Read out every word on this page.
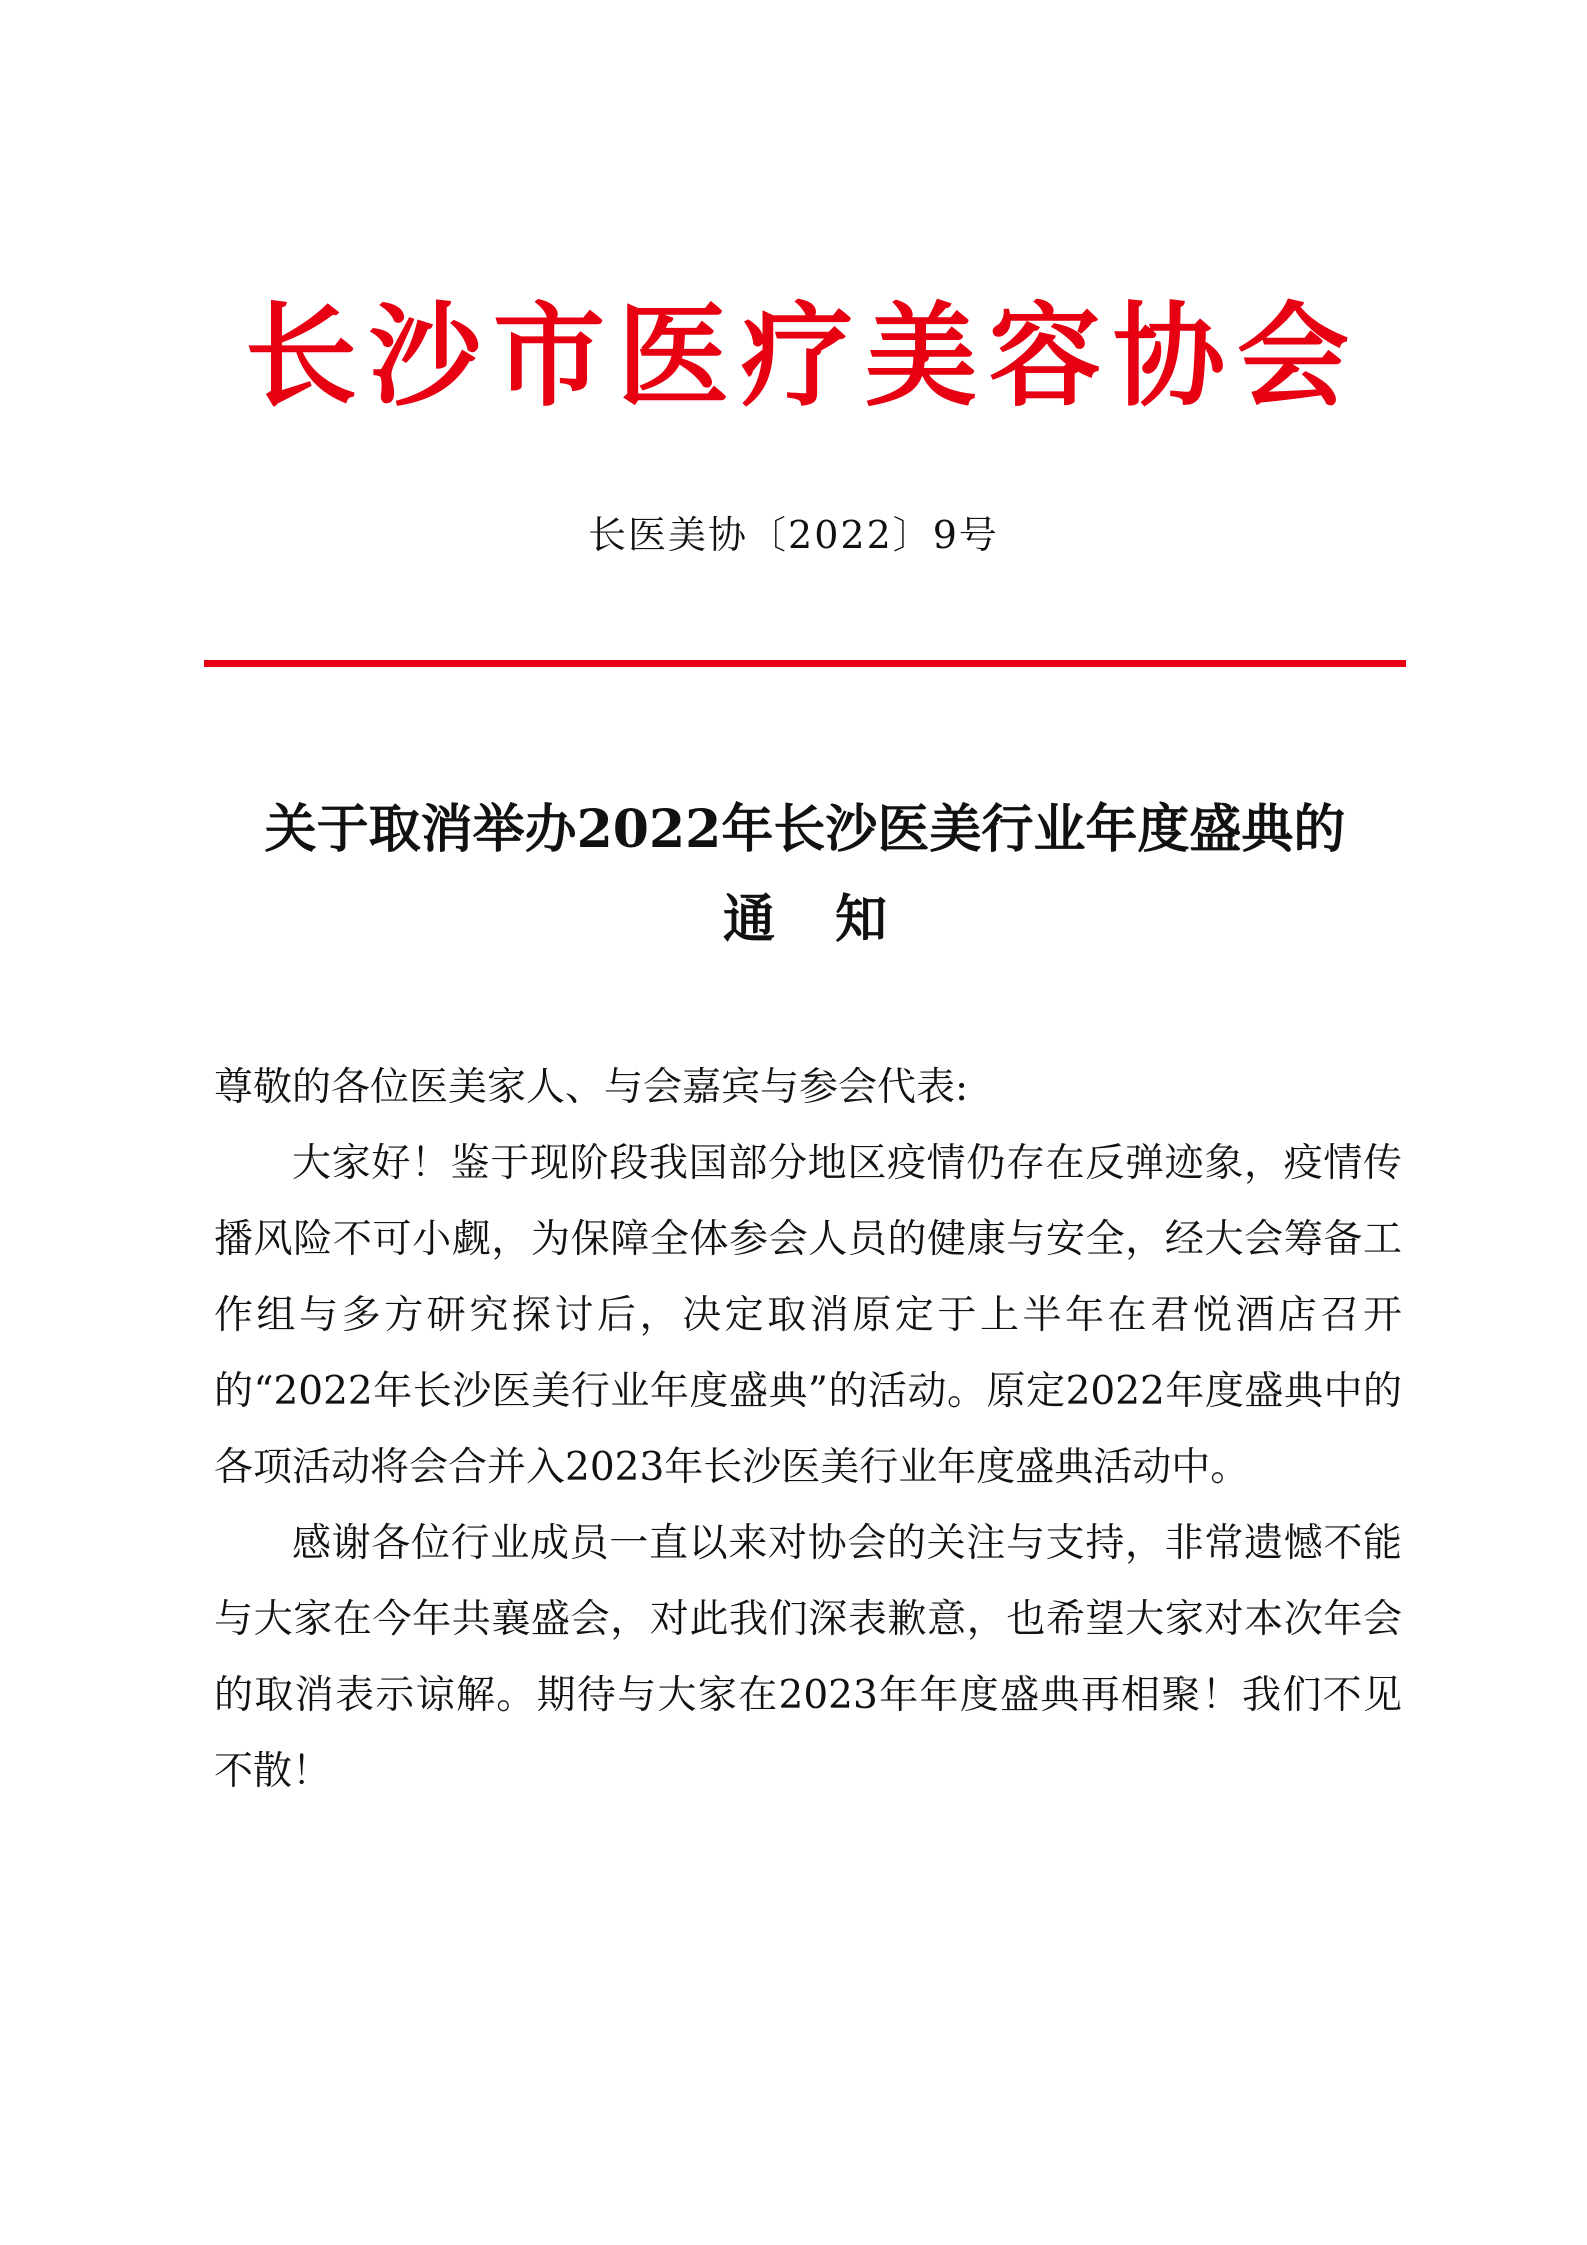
长沙市医疗美容协会
长医美协〔2022〕9号
关于取消举办2022年长沙医美行业年度盛典的
通知

尊敬的各位医美家人、与会嘉宾与参会代表:

大家好！鉴于现阶段我国部分地区疫情仍存在反弹迹象，疫情传播风险不可小觑，为保障全体参会人员的健康与安全，经大会筹备工作组与多方研究探讨后，决定取消原定于上半年在君悦酒店召开的“2022年长沙医美行业年度盛典”的活动。原定2022年度盛典中的各项活动将会合并入2023年长沙医美行业年度盛典活动中。

感谢各位行业成员一直以来对协会的关注与支持，非常遗憾不能与大家在今年共襄盛会，对此我们深表歉意，也希望大家对本次年会的取消表示谅解。期待与大家在2023年年度盛典再相聚！我们不见不散！
